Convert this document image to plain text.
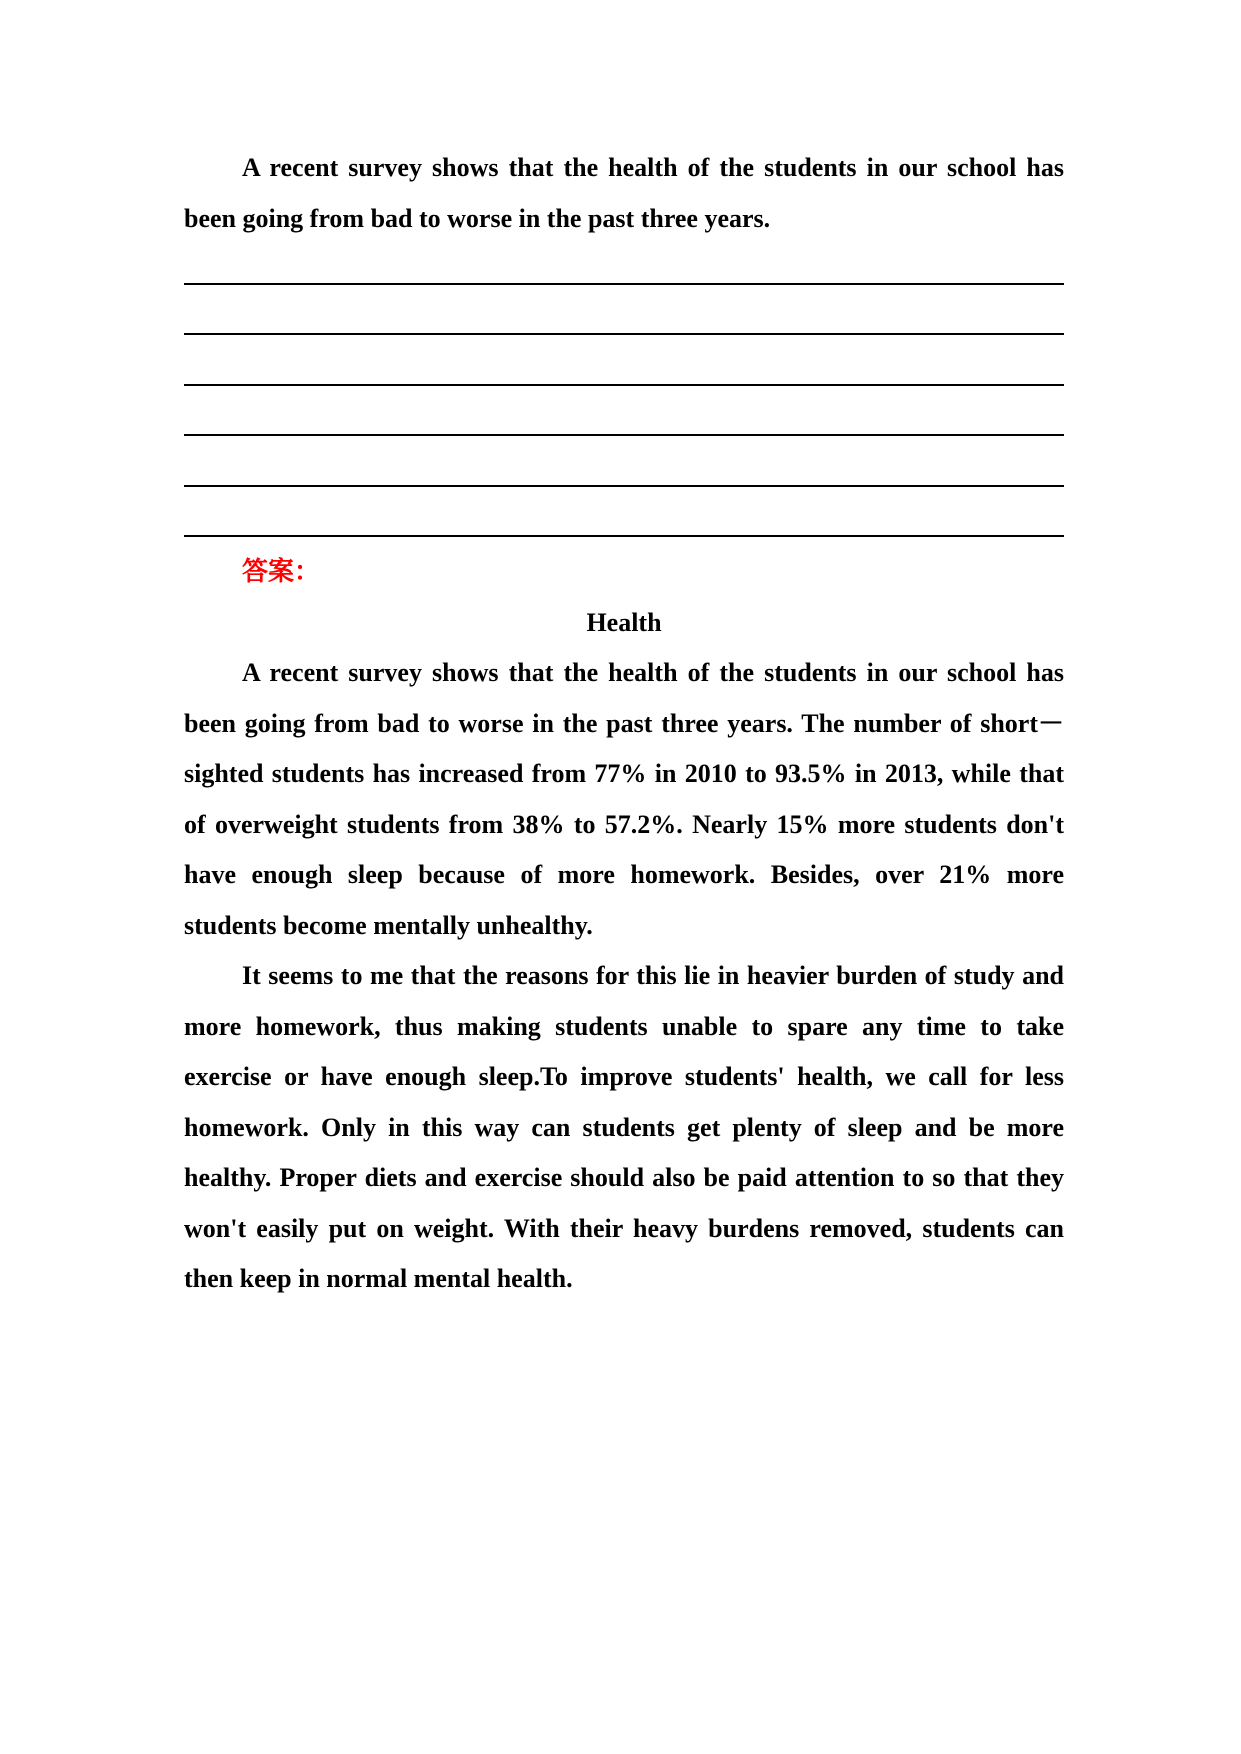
A recent survey shows that the health of the students in our school has been going from bad to worse in the past three years.

答案：
Health

A recent survey shows that the health of the students in our school has been going from bad to worse in the past three years. The number of short－sighted students has increased from 77% in 2010 to 93.5% in 2013, while that of overweight students from 38% to 57.2%. Nearly 15% more students don't have enough sleep because of more homework. Besides, over 21% more students become mentally unhealthy.

It seems to me that the reasons for this lie in heavier burden of study and more homework, thus making students unable to spare any time to take exercise or have enough sleep.To improve students' health, we call for less homework. Only in this way can students get plenty of sleep and be more healthy. Proper diets and exercise should also be paid attention to so that they won't easily put on weight. With their heavy burdens removed, students can then keep in normal mental health.
